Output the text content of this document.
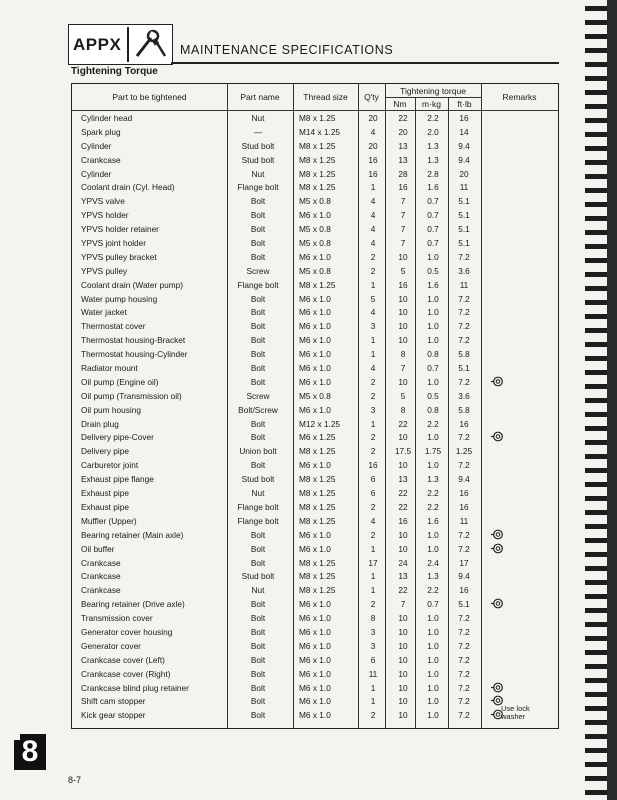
APPX	MAINTENANCE SPECIFICATIONS
Tightening Torque
Part to be tightened	Part name	Thread size	Q'ty
Tightening torque
Nm	m·kg	ft·lb
Remarks
Cylinder head	Nut	M8 x 1.25	20	22	2.2	16
Spark plug	—	M14 x 1.25	4	20	2.0	14
Cylinder	Stud bolt	M8 x 1.25	20	13	1.3	9.4
Crankcase	Stud bolt	M8 x 1.25	16	13	1.3	9.4
Cylinder	Nut	M8 x 1.25	16	28	2.8	20
Coolant drain (Cyl. Head)	Flange bolt	M8 x 1.25	1	16	1.6	11
YPVS valve	Bolt	M5 x 0.8	4	7	0.7	5.1
YPVS holder	Bolt	M6 x 1.0	4	7	0.7	5.1
YPVS holder retainer	Bolt	M5 x 0.8	4	7	0.7	5.1
YPVS joint holder	Bolt	M5 x 0.8	4	7	0.7	5.1
YPVS pulley bracket	Bolt	M6 x 1.0	2	10	1.0	7.2
YPVS pulley	Screw	M5 x 0.8	2	5	0.5	3.6
Coolant drain (Water pump)	Flange bolt	M8 x 1.25	1	16	1.6	11
Water pump housing	Bolt	M6 x 1.0	5	10	1.0	7.2
Water jacket	Bolt	M6 x 1.0	4	10	1.0	7.2
Thermostat cover	Bolt	M6 x 1.0	3	10	1.0	7.2
Thermostat housing-Bracket	Bolt	M6 x 1.0	1	10	1.0	7.2
Thermostat housing-Cylinder	Bolt	M6 x 1.0	1	8	0.8	5.8
Radiator mount	Bolt	M6 x 1.0	4	7	0.7	5.1
Oil pump (Engine oil)	Bolt	M6 x 1.0	2	10	1.0	7.2
Oil pump (Transmission oil)	Screw	M5 x 0.8	2	5	0.5	3.6
Oil pum housing	Bolt/Screw	M6 x 1.0	3	8	0.8	5.8
Drain plug	Bolt	M12 x 1.25	1	22	2.2	16
Delivery pipe-Cover	Bolt	M6 x 1.25	2	10	1.0	7.2
Delivery pipe	Union bolt	M8 x 1.25	2	17.5	1.75	1.25
Carburetor joint	Bolt	M6 x 1.0	16	10	1.0	7.2
Exhaust pipe flange	Stud bolt	M8 x 1.25	6	13	1.3	9.4
Exhaust pipe	Nut	M8 x 1.25	6	22	2.2	16
Exhaust pipe	Flange bolt	M8 x 1.25	2	22	2.2	16
Muffler (Upper)	Flange bolt	M8 x 1.25	4	16	1.6	11
Bearing retainer (Main axle)	Bolt	M6 x 1.0	2	10	1.0	7.2
Oil buffer	Bolt	M6 x 1.0	1	10	1.0	7.2
Crankcase	Bolt	M8 x 1.25	17	24	2.4	17
Crankcase	Stud bolt	M8 x 1.25	1	13	1.3	9.4
Crankcase	Nut	M8 x 1.25	1	22	2.2	16
Bearing retainer (Drive axle)	Bolt	M6 x 1.0	2	7	0.7	5.1
Transmission cover	Bolt	M6 x 1.0	8	10	1.0	7.2
Generator cover housing	Bolt	M6 x 1.0	3	10	1.0	7.2
Generator cover	Bolt	M6 x 1.0	3	10	1.0	7.2
Crankcase cover (Left)	Bolt	M6 x 1.0	6	10	1.0	7.2
Crankcase cover (Right)	Bolt	M6 x 1.0	11	10	1.0	7.2
Crankcase blind plug retainer	Bolt	M6 x 1.0	1	10	1.0	7.2
Shift cam stopper	Bolt	M6 x 1.0	1	10	1.0	7.2
Kick gear stopper	Bolt	M6 x 1.0	2	10	1.0	7.2
Use lock
washer
8
8-7
